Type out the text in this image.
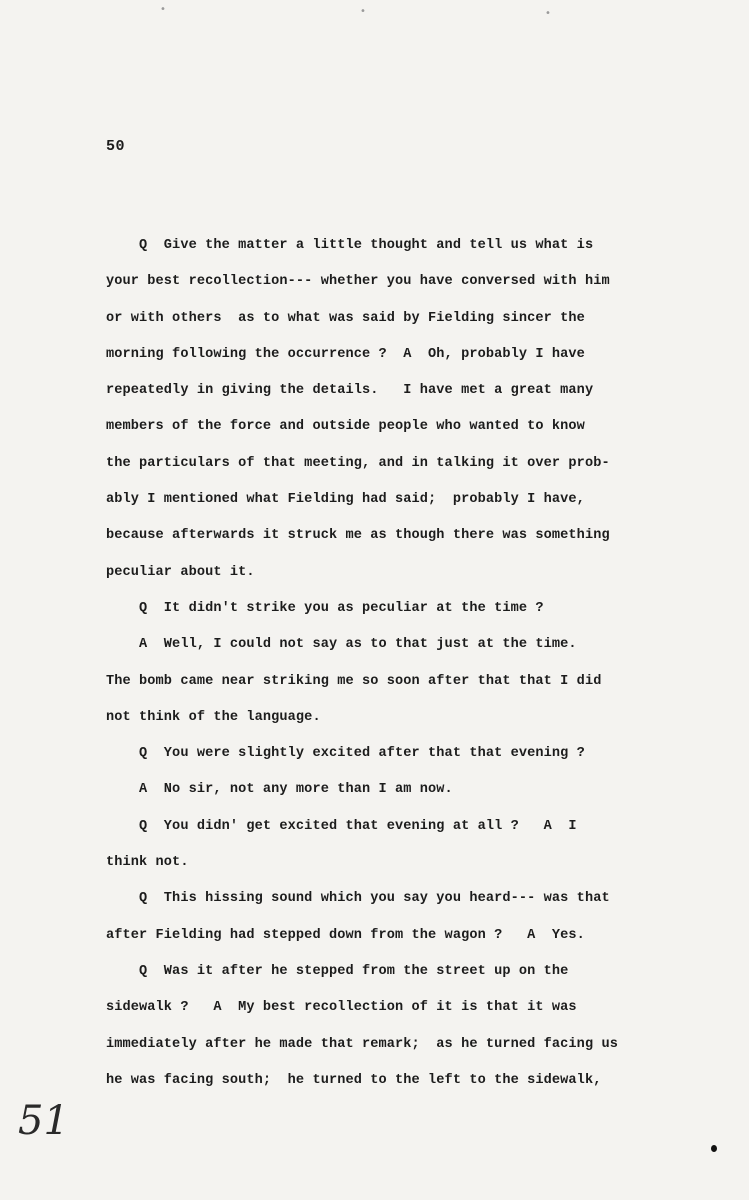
•	•	•
50
Q  Give the matter a little thought and tell us what is
your best recollection--- whether you have conversed with him
or with others  as to what was said by Fielding sincer the
morning following the occurrence ?  A  Oh, probably I have
repeatedly in giving the details.   I have met a great many
members of the force and outside people who wanted to know
the particulars of that meeting, and in talking it over prob-
ably I mentioned what Fielding had said;  probably I have,
because afterwards it struck me as though there was something
peculiar about it.
Q  It didn't strike you as peculiar at the time ?
A  Well, I could not say as to that just at the time.
The bomb came near striking me so soon after that that I did
not think of the language.
Q  You were slightly excited after that that evening ?
A  No sir, not any more than I am now.
Q  You didn' get excited that evening at all ?   A  I
think not.
Q  This hissing sound which you say you heard--- was that
after Fielding had stepped down from the wagon ?   A  Yes.
Q  Was it after he stepped from the street up on the
sidewalk ?   A  My best recollection of it is that it was
immediately after he made that remark;  as he turned facing us
he was facing south;  he turned to the left to the sidewalk,
51
